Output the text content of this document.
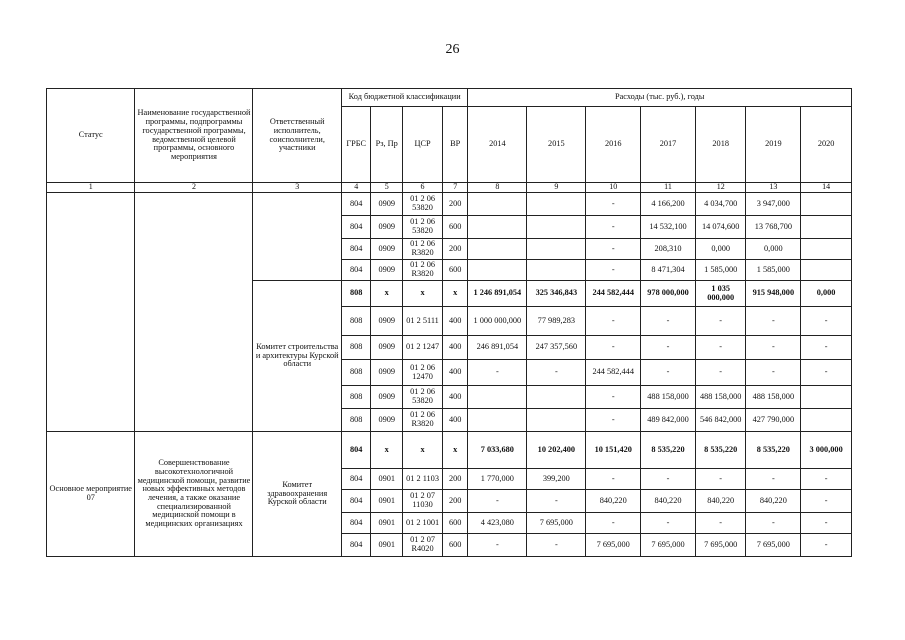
26
Статус	Наименование государственной программы, подпрограммы государственной программы, ведомственной целевой программы, основного мероприятия	Ответственный исполнитель, соисполнители, участники	Код бюджетной классификации				Расходы (тыс. руб.), годы						
			ГРБС	Рз, Пр	ЦСР	ВР	2014	2015	2016	2017	2018	2019	2020
1	2	3	4	5	6	7	8	9	10	11	12	13	14
			804	0909	01 2 06 53820	200			-	4 166,200	4 034,700	3 947,000	
			804	0909	01 2 06 53820	600			-	14 532,100	14 074,600	13 768,700	
			804	0909	01 2 06 R3820	200			-	208,310	0,000	0,000	
			804	0909	01 2 06 R3820	600			-	8 471,304	1 585,000	1 585,000	
		Комитет строительства и архитектуры Курской области	808	x	x	x	1 246 891,054	325 346,843	244 582,444	978 000,000	1 035 000,000	915 948,000	0,000
			808	0909	01 2 5111	400	1 000 000,000	77 989,283	-	-	-	-	-
			808	0909	01 2 1247	400	246 891,054	247 357,560	-	-	-	-	-
			808	0909	01 2 06 12470	400	-	-	244 582,444	-	-	-	-
			808	0909	01 2 06 53820	400			-	488 158,000	488 158,000	488 158,000	
			808	0909	01 2 06 R3820	400			-	489 842,000	546 842,000	427 790,000	
Основное мероприятие 07	Совершенствование высокотехнологичной медицинской помощи, развитие новых эффективных методов лечения, а также оказание специализированной медицинской помощи в медицинских организациях	Комитет здравоохранения Курской области	804	x	x	x	7 033,680	10 202,400	10 151,420	8 535,220	8 535,220	8 535,220	3 000,000
			804	0901	01 2 1103	200	1 770,000	399,200	-	-	-	-	-
			804	0901	01 2 07 11030	200	-	-	840,220	840,220	840,220	840,220	-
			804	0901	01 2 1001	600	4 423,080	7 695,000	-	-	-	-	-
			804	0901	01 2 07 R4020	600	-	-	7 695,000	7 695,000	7 695,000	7 695,000	-
